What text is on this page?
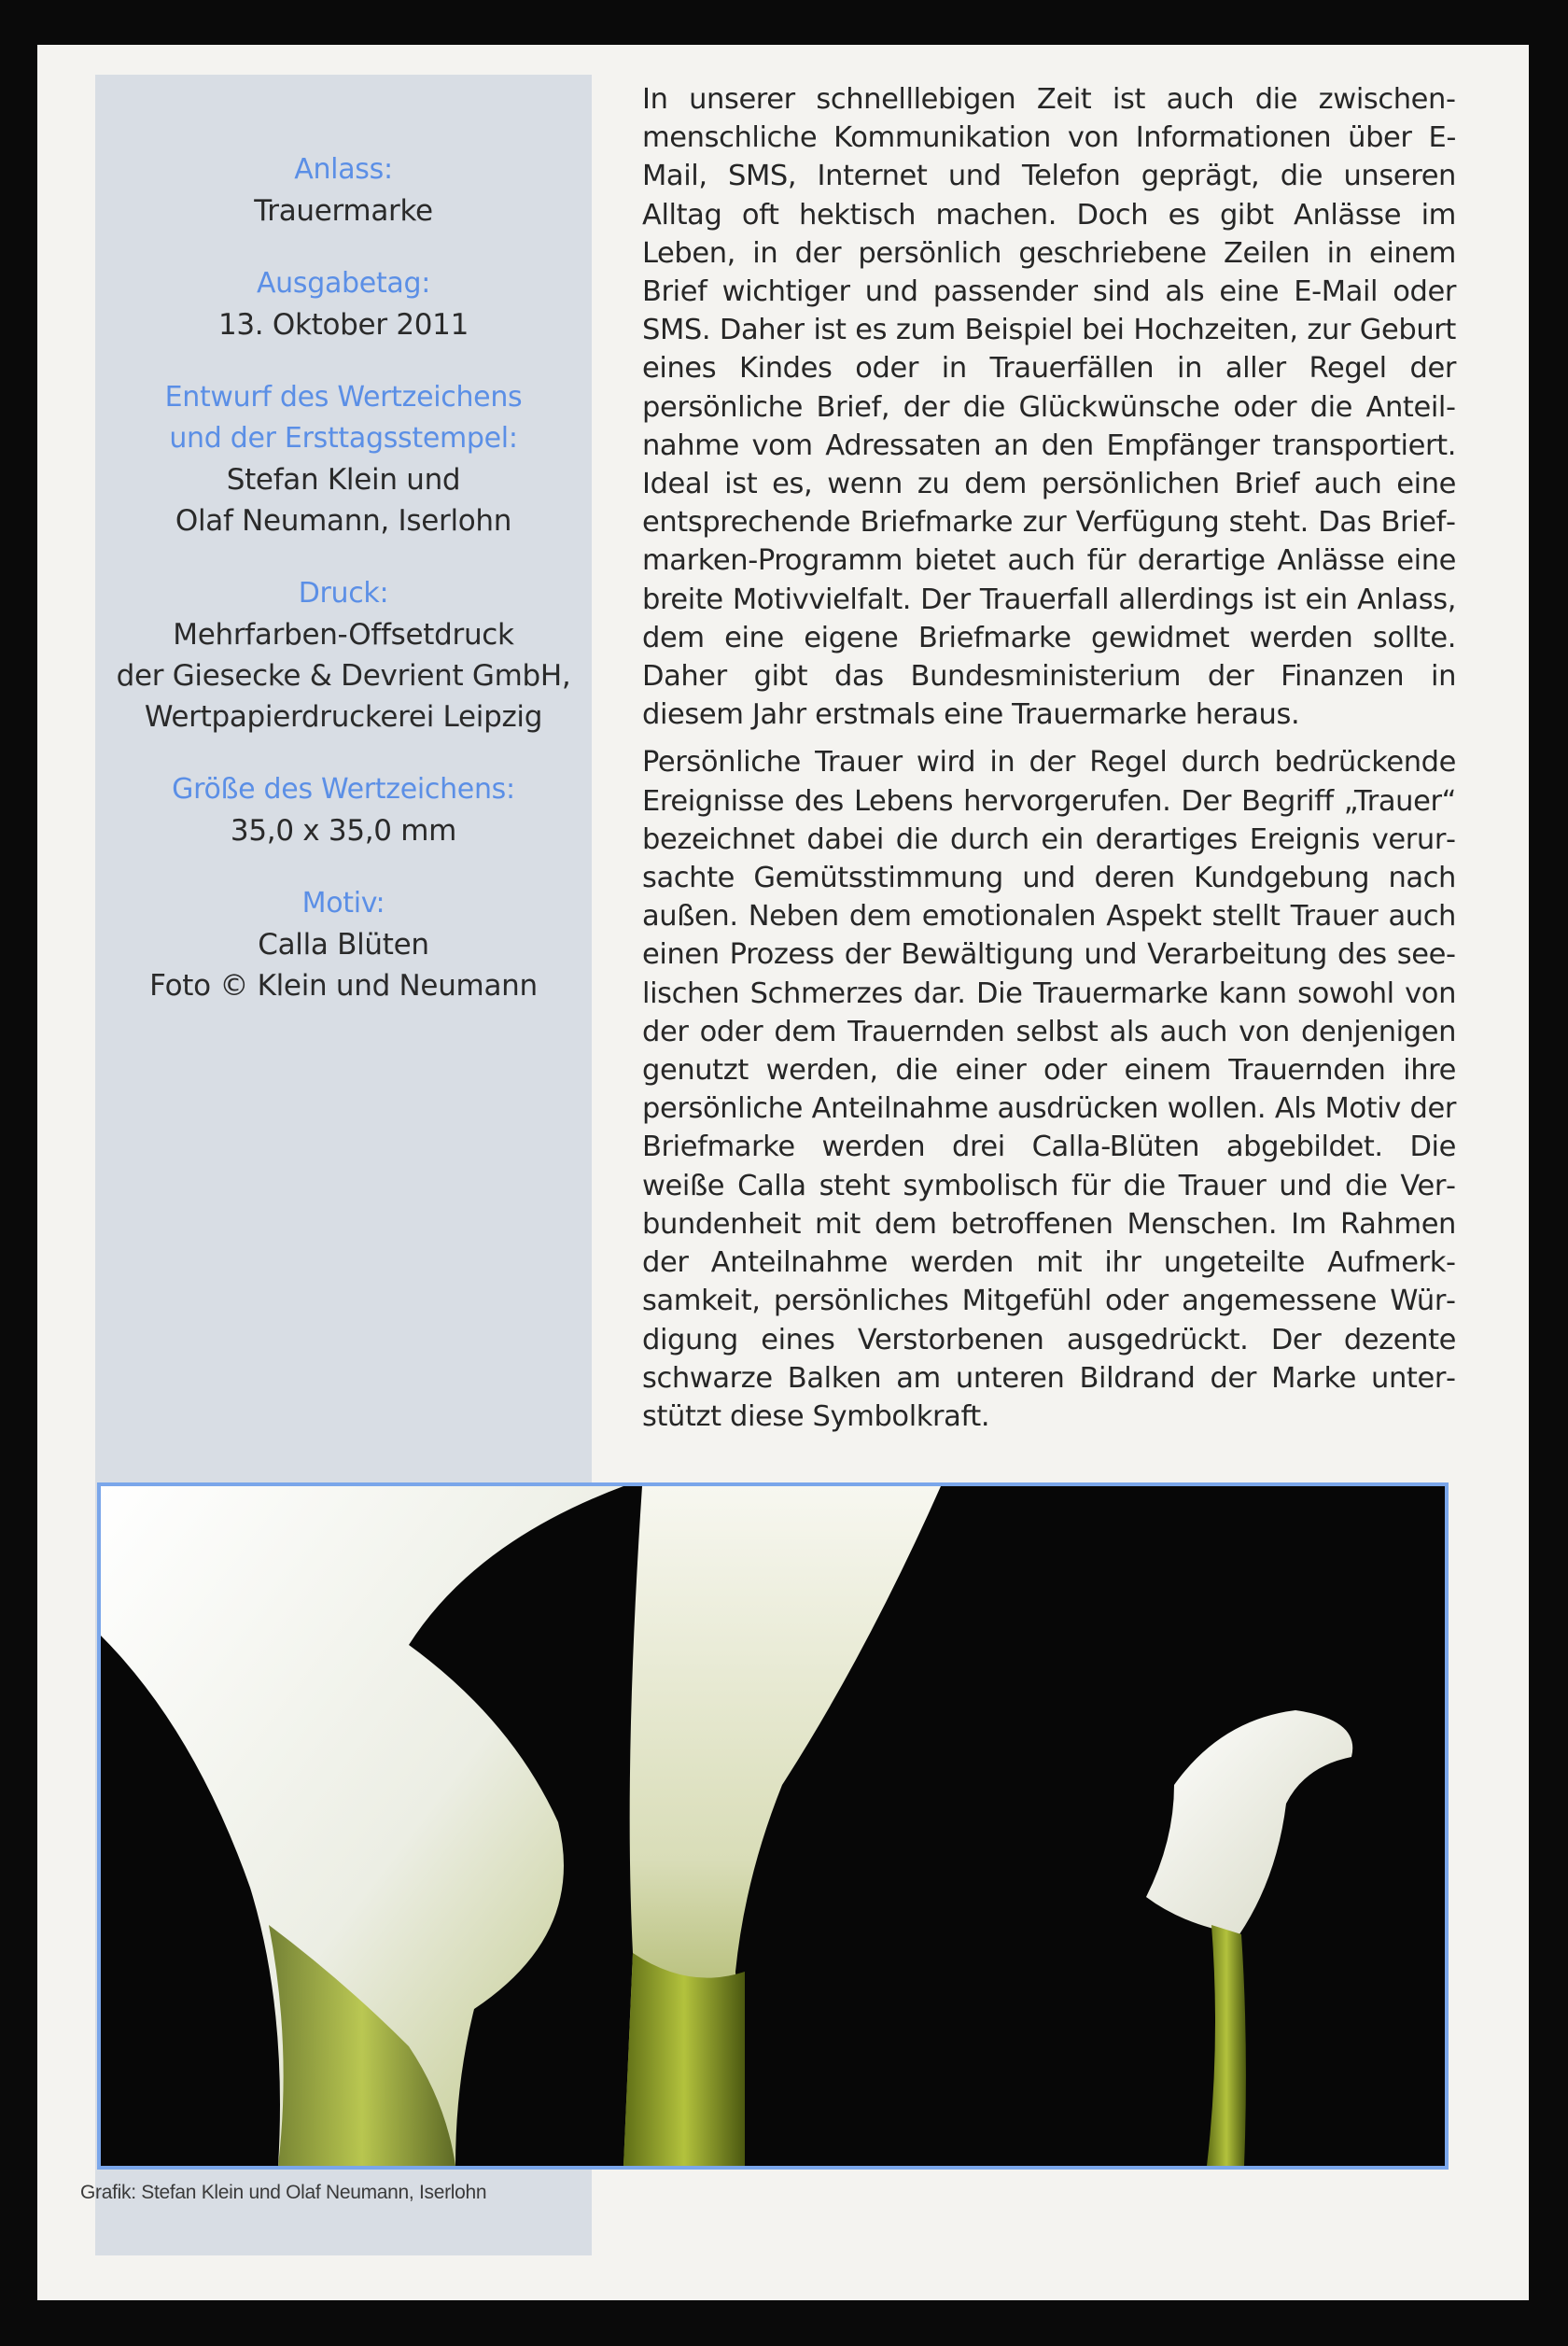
Anlass:
Trauermarke
Ausgabetag:
13. Oktober 2011
Entwurf des Wertzeichens
und der Ersttagsstempel:
Stefan Klein und
Olaf Neumann, Iserlohn
Druck:
Mehrfarben-Offsetdruck
der Giesecke & Devrient GmbH,
Wertpapierdruckerei Leipzig
Größe des Wertzeichens:
35,0 x 35,0 mm
Motiv:
Calla Blüten
Foto © Klein und Neumann

In unserer schnelllebigen Zeit ist auch die zwischenmenschliche Kommunikation von Informationen über E-Mail, SMS, Internet und Telefon geprägt, die unseren Alltag oft hektisch machen. Doch es gibt Anlässe im Leben, in der persönlich geschriebene Zeilen in einem Brief wichtiger und passender sind als eine E-Mail oder SMS. Daher ist es zum Beispiel bei Hochzeiten, zur Geburt eines Kindes oder in Trauerfällen in aller Regel der persönliche Brief, der die Glückwünsche oder die Anteilnahme vom Adressaten an den Empfänger transportiert. Ideal ist es, wenn zu dem persönlichen Brief auch eine entsprechende Briefmarke zur Verfügung steht. Das Briefmarken-Programm bietet auch für derartige Anlässe eine breite Motivvielfalt. Der Trauerfall allerdings ist ein Anlass, dem eine eigene Briefmarke gewidmet werden sollte. Daher gibt das Bundesministerium der Finanzen in diesem Jahr erstmals eine Trauermarke heraus.

Persönliche Trauer wird in der Regel durch bedrückende Ereignisse des Lebens hervorgerufen. Der Begriff „Trauer“ bezeichnet dabei die durch ein derartiges Ereignis verursachte Gemütsstimmung und deren Kundgebung nach außen. Neben dem emotionalen Aspekt stellt Trauer auch einen Prozess der Bewältigung und Verarbeitung des seelischen Schmerzes dar. Die Trauermarke kann sowohl von der oder dem Trauernden selbst als auch von denjenigen genutzt werden, die einer oder einem Trauernden ihre persönliche Anteilnahme ausdrücken wollen. Als Motiv der Briefmarke werden drei Calla-Blüten abgebildet. Die weiße Calla steht symbolisch für die Trauer und die Verbundenheit mit dem betroffenen Menschen. Im Rahmen der Anteilnahme werden mit ihr ungeteilte Aufmerksamkeit, persönliches Mitgefühl oder angemessene Würdigung eines Verstorbenen ausgedrückt. Der dezente schwarze Balken am unteren Bildrand der Marke unterstützt diese Symbolkraft.

Grafik: Stefan Klein und Olaf Neumann, Iserlohn
